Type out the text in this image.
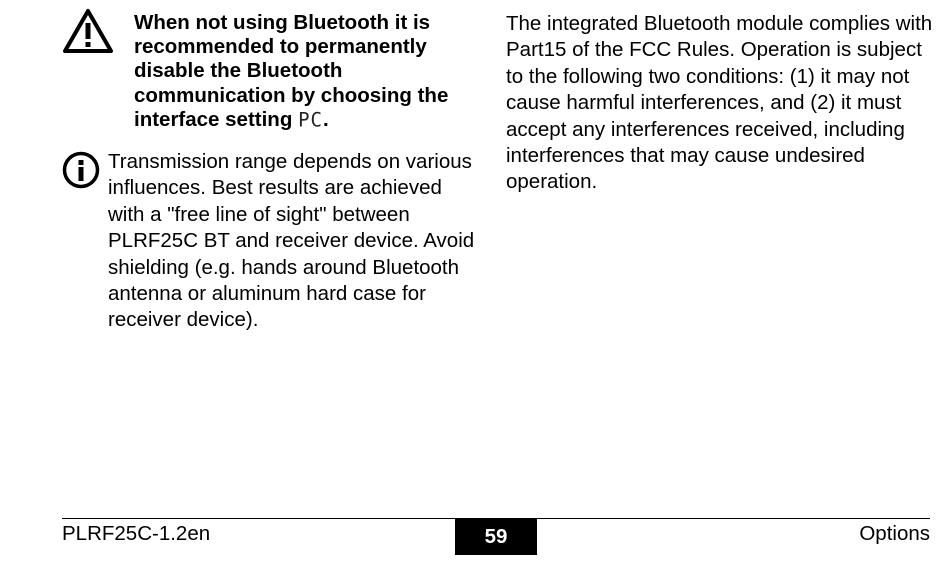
When not using Bluetooth it is recommended to permanently disable the Bluetooth communication by choosing the interface setting PC.

Transmission range depends on various influences. Best results are achieved with a "free line of sight" between PLRF25C BT and receiver device. Avoid shielding (e.g. hands around Bluetooth antenna or aluminum hard case for receiver device).

The integrated Bluetooth module complies with Part15 of the FCC Rules. Operation is subject to the following two conditions: (1) it may not cause harmful interferences, and (2) it must accept any interferences received, including interferences that may cause undesired operation.

PLRF25C-1.2en	59	Options
